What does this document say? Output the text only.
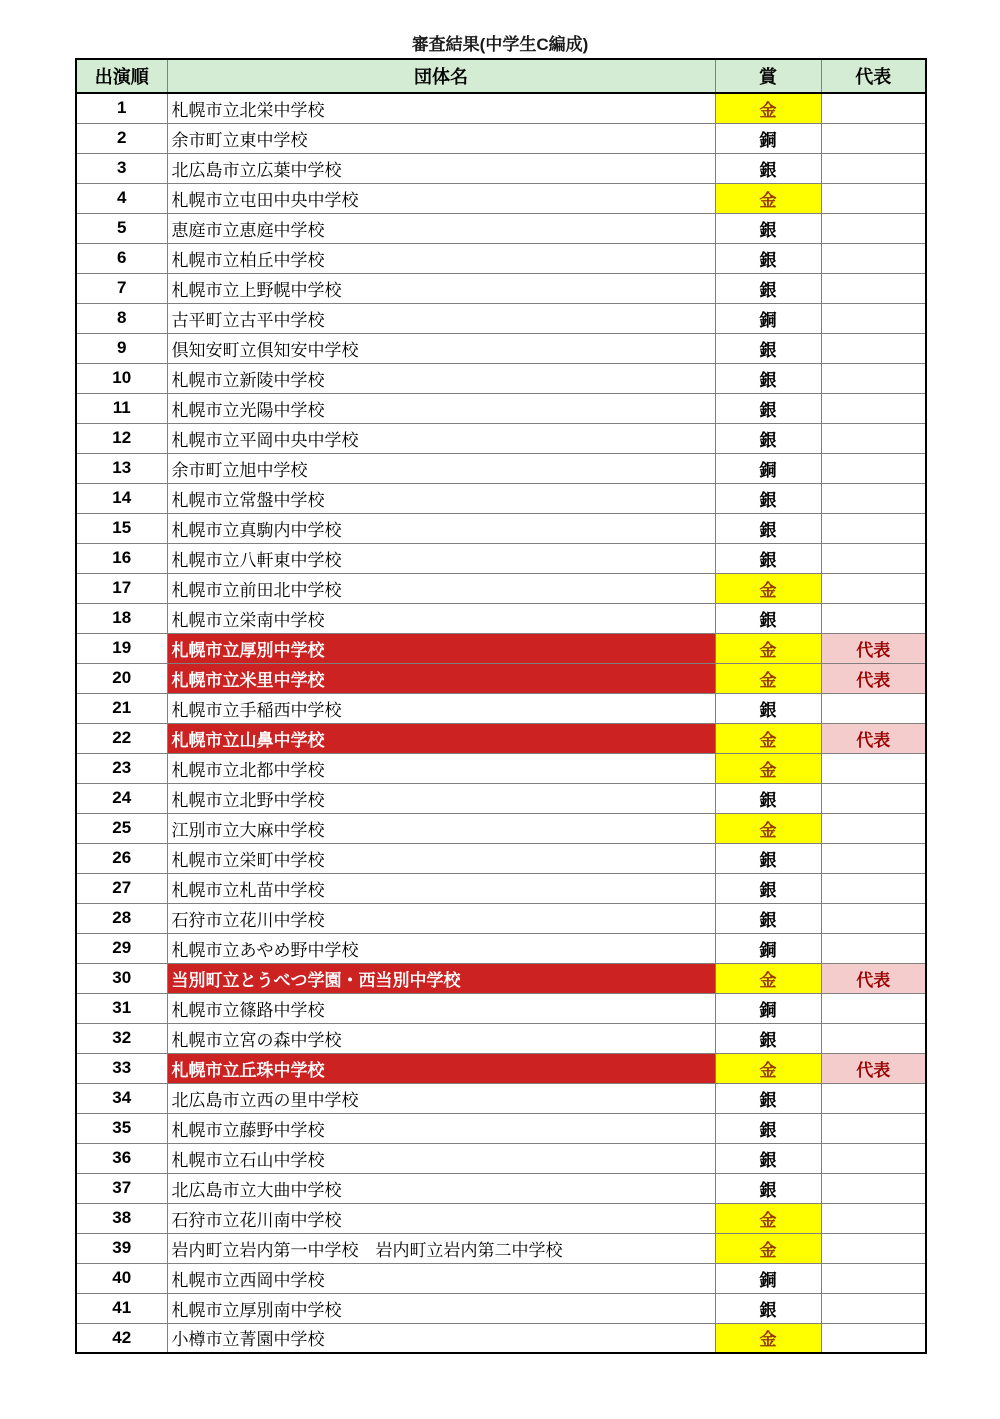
審査結果(中学生C編成)
出演順	団体名	賞	代表
1	札幌市立北栄中学校	金	
2	余市町立東中学校	銅	
3	北広島市立広葉中学校	銀	
4	札幌市立屯田中央中学校	金	
5	恵庭市立恵庭中学校	銀	
6	札幌市立柏丘中学校	銀	
7	札幌市立上野幌中学校	銀	
8	古平町立古平中学校	銅	
9	倶知安町立倶知安中学校	銀	
10	札幌市立新陵中学校	銀	
11	札幌市立光陽中学校	銀	
12	札幌市立平岡中央中学校	銀	
13	余市町立旭中学校	銅	
14	札幌市立常盤中学校	銀	
15	札幌市立真駒内中学校	銀	
16	札幌市立八軒東中学校	銀	
17	札幌市立前田北中学校	金	
18	札幌市立栄南中学校	銀	
19	札幌市立厚別中学校	金	代表
20	札幌市立米里中学校	金	代表
21	札幌市立手稲西中学校	銀	
22	札幌市立山鼻中学校	金	代表
23	札幌市立北都中学校	金	
24	札幌市立北野中学校	銀	
25	江別市立大麻中学校	金	
26	札幌市立栄町中学校	銀	
27	札幌市立札苗中学校	銀	
28	石狩市立花川中学校	銀	
29	札幌市立あやめ野中学校	銅	
30	当別町立とうべつ学園・西当別中学校	金	代表
31	札幌市立篠路中学校	銅	
32	札幌市立宮の森中学校	銀	
33	札幌市立丘珠中学校	金	代表
34	北広島市立西の里中学校	銀	
35	札幌市立藤野中学校	銀	
36	札幌市立石山中学校	銀	
37	北広島市立大曲中学校	銀	
38	石狩市立花川南中学校	金	
39	岩内町立岩内第一中学校　岩内町立岩内第二中学校	金	
40	札幌市立西岡中学校	銅	
41	札幌市立厚別南中学校	銀	
42	小樽市立菁園中学校	金	
